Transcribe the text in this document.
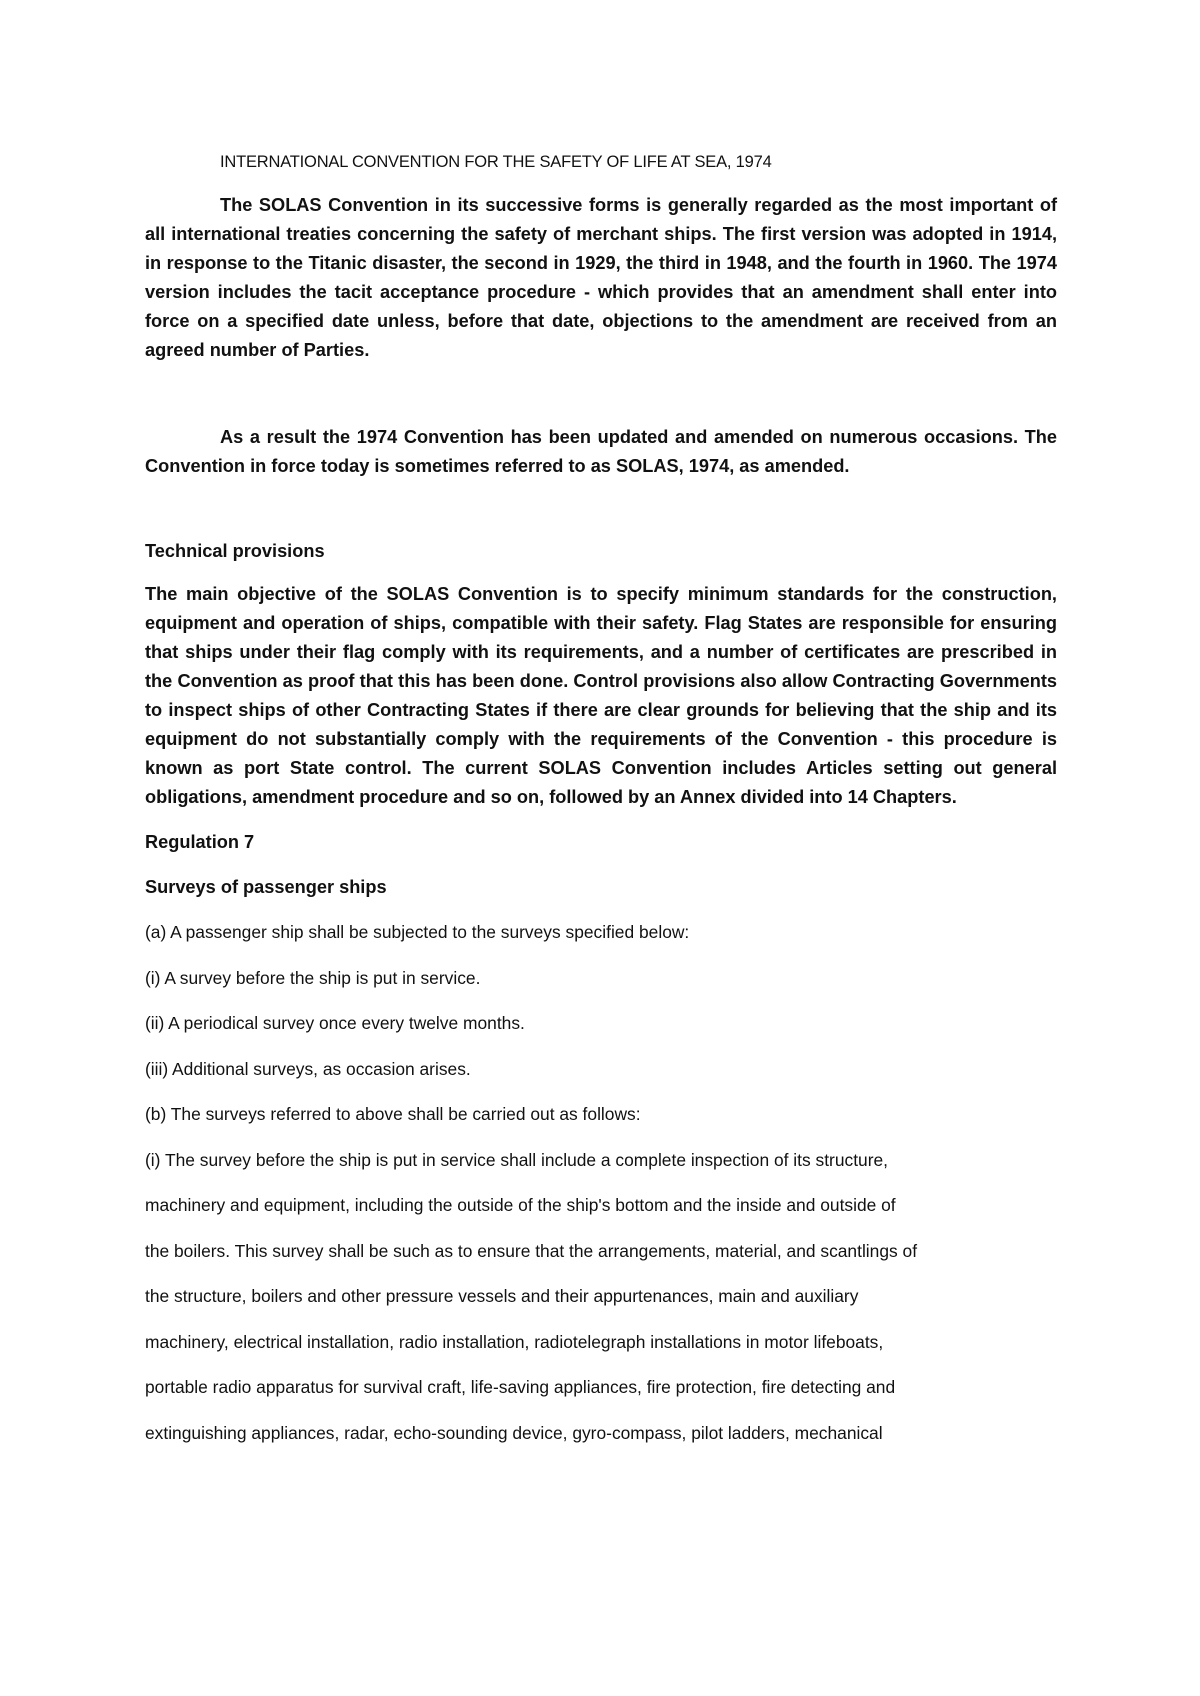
INTERNATIONAL CONVENTION FOR THE SAFETY OF LIFE AT SEA, 1974

The SOLAS Convention in its successive forms is generally regarded as the most important of all international treaties concerning the safety of merchant ships. The first version was adopted in 1914, in response to the Titanic disaster, the second in 1929, the third in 1948, and the fourth in 1960. The 1974 version includes the tacit acceptance procedure - which provides that an amendment shall enter into force on a specified date unless, before that date, objections to the amendment are received from an agreed number of Parties.

As a result the 1974 Convention has been updated and amended on numerous occasions. The Convention in force today is sometimes referred to as SOLAS, 1974, as amended.

Technical provisions

The main objective of the SOLAS Convention is to specify minimum standards for the construction, equipment and operation of ships, compatible with their safety. Flag States are responsible for ensuring that ships under their flag comply with its requirements, and a number of certificates are prescribed in the Convention as proof that this has been done. Control provisions also allow Contracting Governments to inspect ships of other Contracting States if there are clear grounds for believing that the ship and its equipment do not substantially comply with the requirements of the Convention - this procedure is known as port State control. The current SOLAS Convention includes Articles setting out general obligations, amendment procedure and so on, followed by an Annex divided into 14 Chapters.

Regulation 7

Surveys of passenger ships

(a) A passenger ship shall be subjected to the surveys specified below:
(i) A survey before the ship is put in service.
(ii) A periodical survey once every twelve months.
(iii) Additional surveys, as occasion arises.
(b) The surveys referred to above shall be carried out as follows:
(i) The survey before the ship is put in service shall include a complete inspection of its structure,
machinery and equipment, including the outside of the ship's bottom and the inside and outside of
the boilers. This survey shall be such as to ensure that the arrangements, material, and scantlings of
the structure, boilers and other pressure vessels and their appurtenances, main and auxiliary
machinery, electrical installation, radio installation, radiotelegraph installations in motor lifeboats,
portable radio apparatus for survival craft, life-saving appliances, fire protection, fire detecting and
extinguishing appliances, radar, echo-sounding device, gyro-compass, pilot ladders, mechanical
